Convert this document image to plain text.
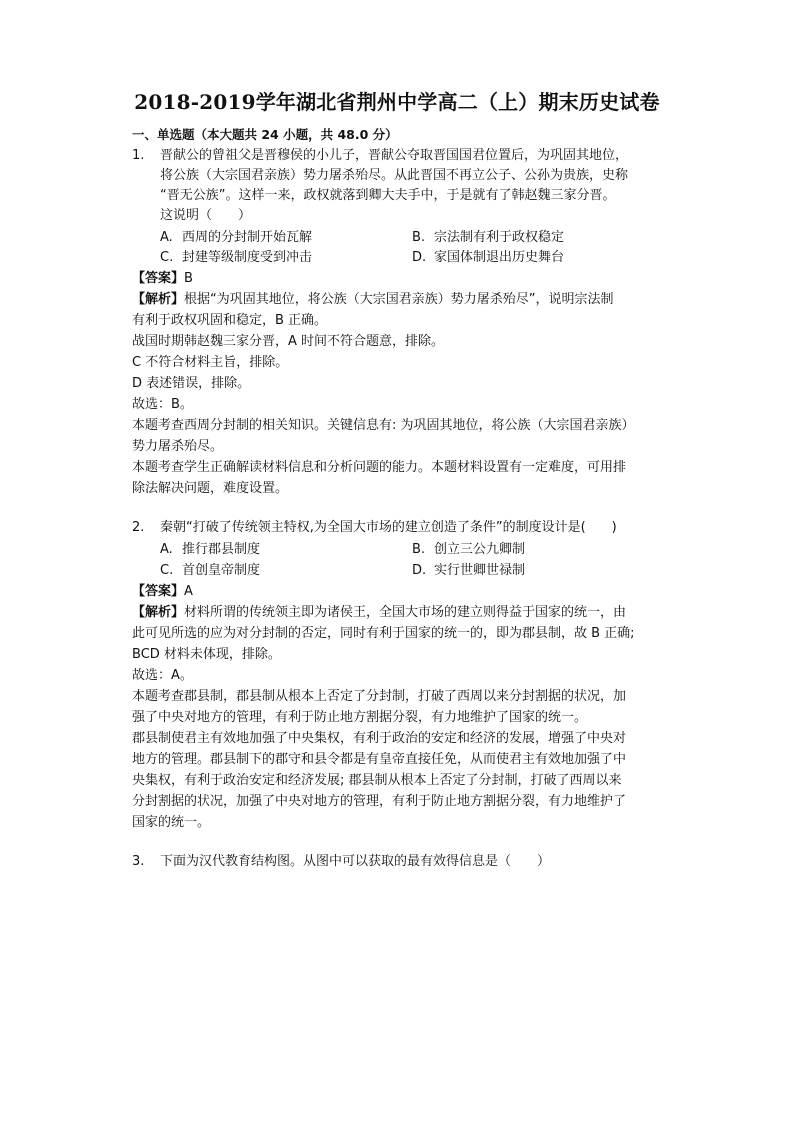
2018-2019学年湖北省荆州中学高二（上）期末历史试卷
一、单选题（本大题共 24 小题，共 48.0 分）
1. 晋献公的曾祖父是晋穆侯的小儿子，晋献公夺取晋国国君位置后，为巩固其地位，
将公族（大宗国君亲族）势力屠杀殆尽。从此晋国不再立公子、公孙为贵族，史称
“晋无公族”。这样一来，政权就落到卿大夫手中，于是就有了韩赵魏三家分晋。
这说明（　　）
A. 西周的分封制开始瓦解	B. 宗法制有利于政权稳定
C. 封建等级制度受到冲击	D. 家国体制退出历史舞台
【答案】B
【解析】根据“为巩固其地位，将公族（大宗国君亲族）势力屠杀殆尽”，说明宗法制
有利于政权巩固和稳定，B 正确。
战国时期韩赵魏三家分晋，A 时间不符合题意，排除。
C 不符合材料主旨，排除。
D 表述错误，排除。
故选：B。
本题考查西周分封制的相关知识。关键信息有: 为巩固其地位，将公族（大宗国君亲族）
势力屠杀殆尽。
本题考查学生正确解读材料信息和分析问题的能力。本题材料设置有一定难度，可用排
除法解决问题，难度设置。
2. 秦朝“打破了传统领主特权,为全国大市场的建立创造了条件”的制度设计是(　　)
A. 推行郡县制度	B. 创立三公九卿制
C. 首创皇帝制度	D. 实行世卿世禄制
【答案】A
【解析】材料所谓的传统领主即为诸侯王，全国大市场的建立则得益于国家的统一，由
此可见所选的应为对分封制的否定，同时有利于国家的统一的，即为郡县制，故 B 正确;
BCD 材料未体现，排除。
故选：A。
本题考查郡县制，郡县制从根本上否定了分封制，打破了西周以来分封割据的状况，加
强了中央对地方的管理，有利于防止地方割据分裂，有力地维护了国家的统一。
郡县制使君主有效地加强了中央集权，有利于政治的安定和经济的发展，增强了中央对
地方的管理。郡县制下的郡守和县令都是有皇帝直接任免，从而使君主有效地加强了中
央集权，有利于政治安定和经济发展; 郡县制从根本上否定了分封制，打破了西周以来
分封割据的状况，加强了中央对地方的管理，有利于防止地方割据分裂，有力地维护了
国家的统一。
3. 下面为汉代教育结构图。从图中可以获取的最有效得信息是（　　）
